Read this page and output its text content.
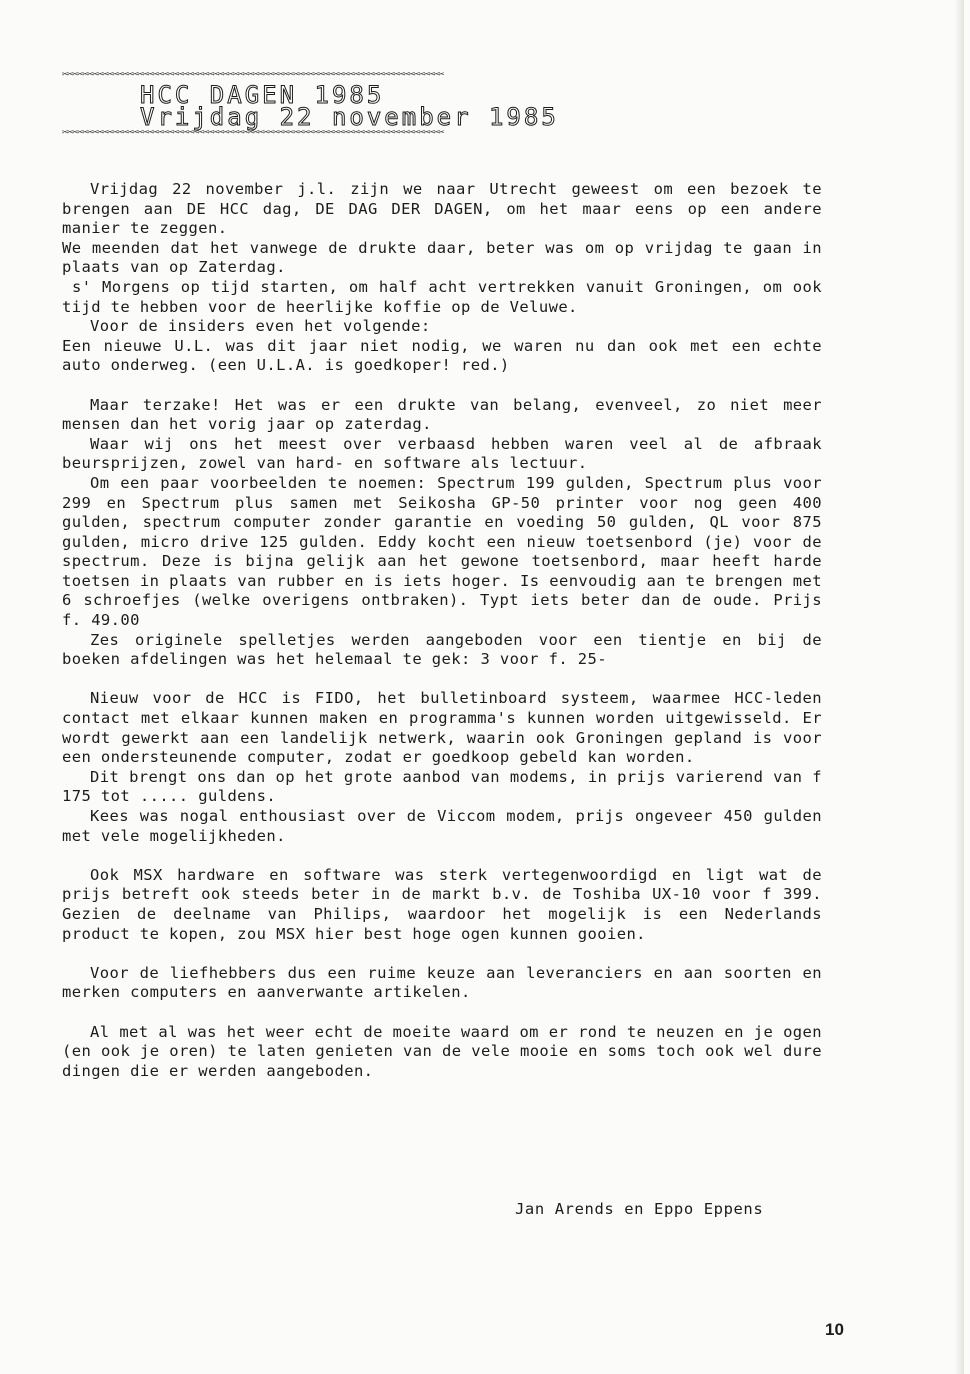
✂✂✂✂✂✂✂✂✂✂✂✂✂✂✂✂✂✂✂✂✂✂✂✂✂✂✂✂✂✂✂✂✂✂✂✂✂✂✂✂✂✂✂✂✂✂✂✂✂✂✂✂✂✂✂✂✂✂✂✂✂✂✂✂✂✂✂✂✂✂✂✂✂✂✂✂
HCC DAGEN 1985
Vrijdag 22 november 1985
✂✂✂✂✂✂✂✂✂✂✂✂✂✂✂✂✂✂✂✂✂✂✂✂✂✂✂✂✂✂✂✂✂✂✂✂✂✂✂✂✂✂✂✂✂✂✂✂✂✂✂✂✂✂✂✂✂✂✂✂✂✂✂✂✂✂✂✂✂✂✂✂✂✂✂✂

Vrijdag 22 november j.l. zijn we naar Utrecht geweest om een bezoek te brengen aan DE HCC dag, DE DAG DER DAGEN, om het maar eens op een andere manier te zeggen.

We meenden dat het vanwege de drukte daar, beter was om op vrijdag te gaan in plaats van op Zaterdag.

s' Morgens op tijd starten, om half acht vertrekken vanuit Groningen, om ook tijd te hebben voor de heerlijke koffie op de Veluwe.

Voor de insiders even het volgende:

Een nieuwe U.L. was dit jaar niet nodig, we waren nu dan ook met een echte auto onderweg. (een U.L.A. is goedkoper! red.)

Maar terzake! Het was er een drukte van belang, evenveel, zo niet meer mensen dan het vorig jaar op zaterdag.

Waar wij ons het meest over verbaasd hebben waren veel al de afbraak beursprijzen, zowel van hard- en software als lectuur.

Om een paar voorbeelden te noemen: Spectrum 199 gulden, Spectrum plus voor 299 en Spectrum plus samen met Seikosha GP-50 printer voor nog geen 400 gulden, spectrum computer zonder garantie en voeding 50 gulden, QL voor 875 gulden, micro drive 125 gulden. Eddy kocht een nieuw toetsenbord (je) voor de spectrum. Deze is bijna gelijk aan het gewone toetsenbord, maar heeft harde toetsen in plaats van rubber en is iets hoger. Is eenvoudig aan te brengen met 6 schroefjes (welke overigens ontbraken). Typt iets beter dan de oude. Prijs f. 49.00

Zes originele spelletjes werden aangeboden voor een tientje en bij de boeken afdelingen was het helemaal te gek: 3 voor f. 25-

Nieuw voor de HCC is FIDO, het bulletinboard systeem, waarmee HCC-leden contact met elkaar kunnen maken en programma's kunnen worden uitgewisseld. Er wordt gewerkt aan een landelijk netwerk, waarin ook Groningen gepland is voor een ondersteunende computer, zodat er goedkoop gebeld kan worden.

Dit brengt ons dan op het grote aanbod van modems, in prijs varierend van f 175 tot ..... guldens.

Kees was nogal enthousiast over de Viccom modem, prijs ongeveer 450 gulden met vele mogelijkheden.

Ook MSX hardware en software was sterk vertegenwoordigd en ligt wat de prijs betreft ook steeds beter in de markt b.v. de Toshiba UX-10 voor f 399. Gezien de deelname van Philips, waardoor het mogelijk is een Nederlands product te kopen, zou MSX hier best hoge ogen kunnen gooien.

Voor de liefhebbers dus een ruime keuze aan leveranciers en aan soorten en merken computers en aanverwante artikelen.

Al met al was het weer echt de moeite waard om er rond te neuzen en je ogen (en ook je oren) te laten genieten van de vele mooie en soms toch ook wel dure dingen die er werden aangeboden.

Jan Arends en Eppo Eppens
10
